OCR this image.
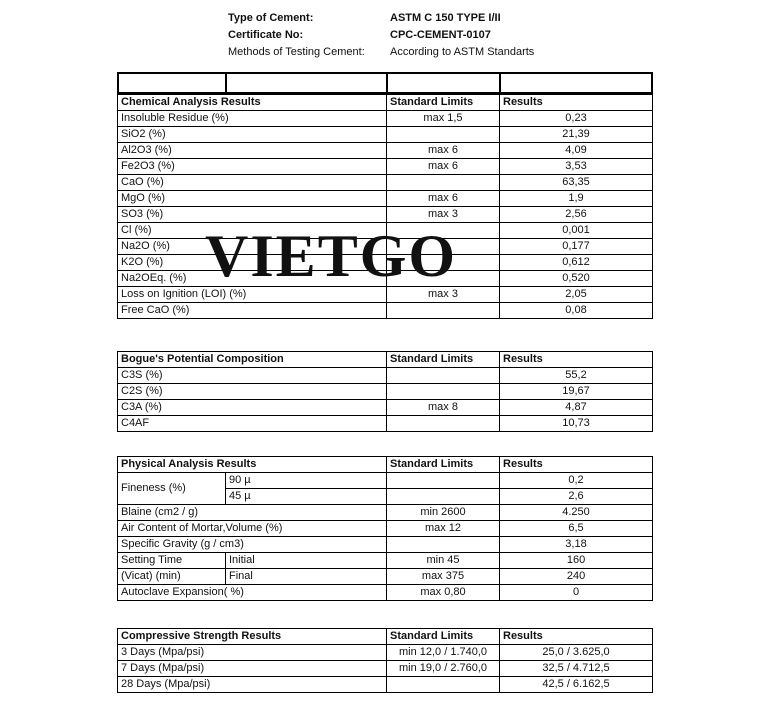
Type of Cement:	ASTM C 150 TYPE I/II
Certificate No:	CPC-CEMENT-0107
Methods of Testing Cement:	According to ASTM Standarts

Chemical Analysis Results	Standard Limits	Results
Insoluble Residue (%)	max 1,5	0,23
SiO2 (%)		21,39
Al2O3 (%)	max 6	4,09
Fe2O3 (%)	max 6	3,53
CaO (%)		63,35
MgO (%)	max 6	1,9
SO3 (%)	max 3	2,56
Cl (%)		0,001
Na2O (%)		0,177
K2O (%)		0,612
Na2OEq. (%)		0,520
Loss on Ignition (LOI) (%)	max 3	2,05
Free CaO (%)		0,08
VIETGO
Bogue's Potential Composition	Standard Limits	Results
C3S (%)		55,2
C2S (%)		19,67
C3A (%)	max 8	4,87
C4AF		10,73
Physical Analysis Results		Standard Limits	Results
Fineness (%)	90 µ		0,2
	45 µ		2,6
Blaine (cm2 / g)		min 2600	4.250
Air Content of Mortar,Volume (%)		max 12	6,5
Specific Gravity (g / cm3)			3,18
Setting Time	Initial	min 45	160
(Vicat) (min)	Final	max 375	240
Autoclave Expansion( %)		max 0,80	0
Compressive Strength Results	Standard Limits	Results
3 Days (Mpa/psi)	min 12,0 / 1.740,0	25,0 / 3.625,0
7 Days (Mpa/psi)	min 19,0 / 2.760,0	32,5 / 4.712,5
28 Days (Mpa/psi)		42,5 / 6.162,5
